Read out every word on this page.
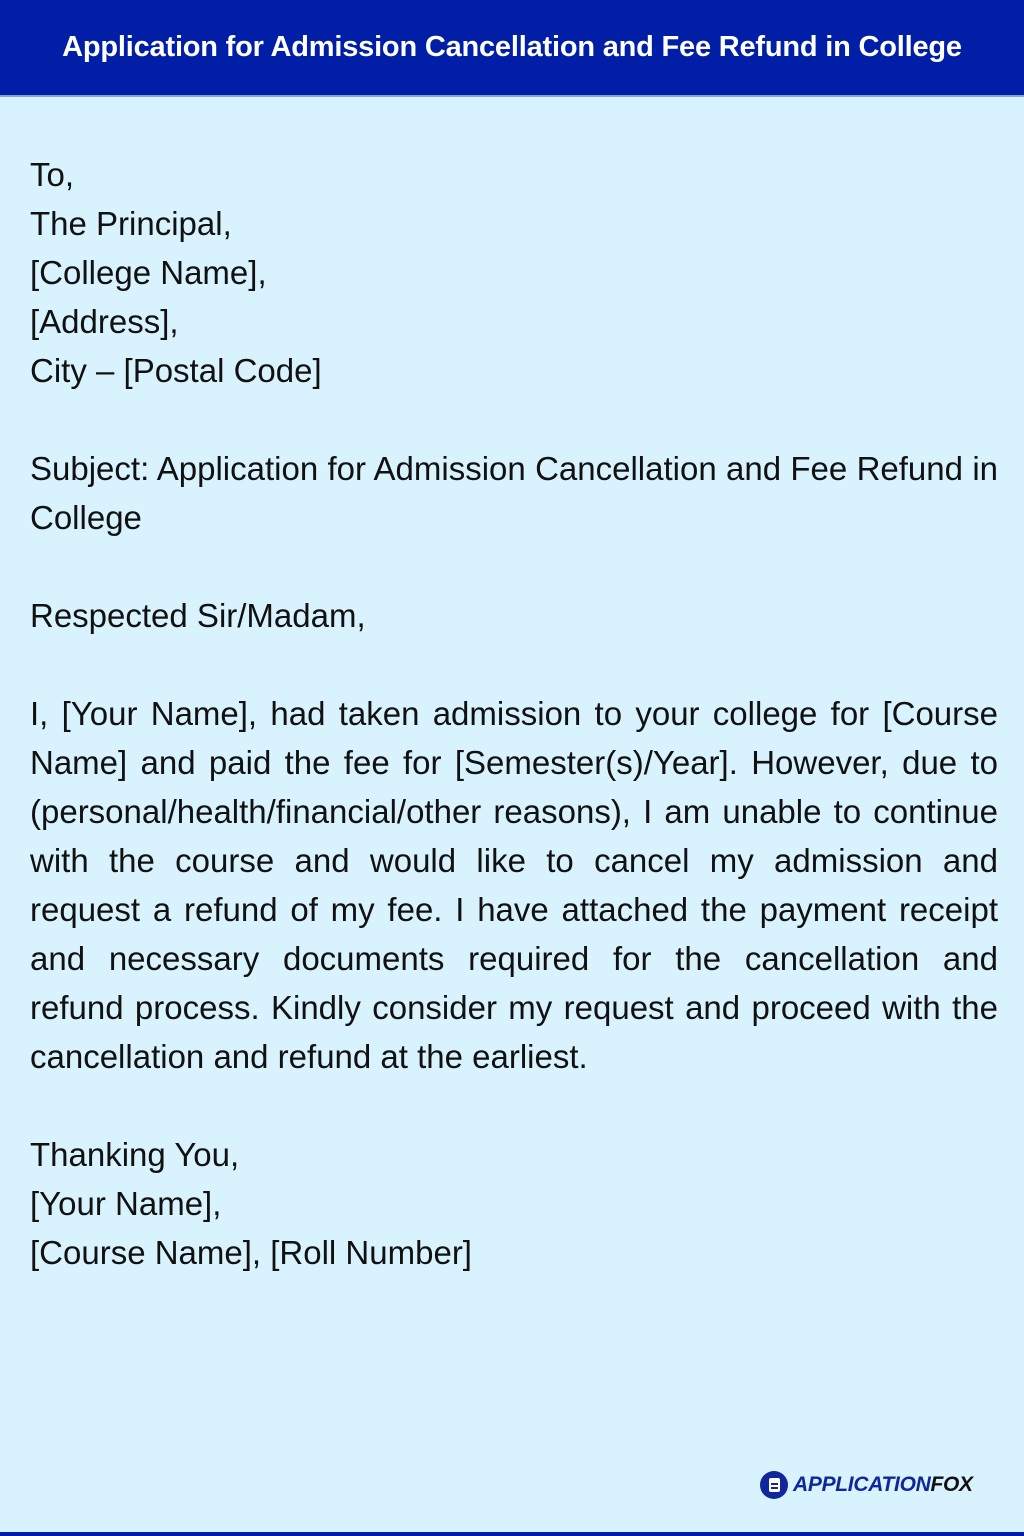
Application for Admission Cancellation and Fee Refund in College
To,
The Principal,
[College Name],
[Address],
City – [Postal Code]
Subject: Application for Admission Cancellation and Fee Refund in College
Respected Sir/Madam,
I, [Your Name], had taken admission to your college for [Course Name] and paid the fee for [Semester(s)/Year]. However, due to (personal/health/financial/other reasons), I am unable to continue with the course and would like to cancel my admission and request a refund of my fee. I have attached the payment receipt and necessary documents required for the cancellation and refund process. Kindly consider my request and proceed with the cancellation and refund at the earliest.
Thanking You,
[Your Name],
[Course Name], [Roll Number]
APPLICATIONFOX
